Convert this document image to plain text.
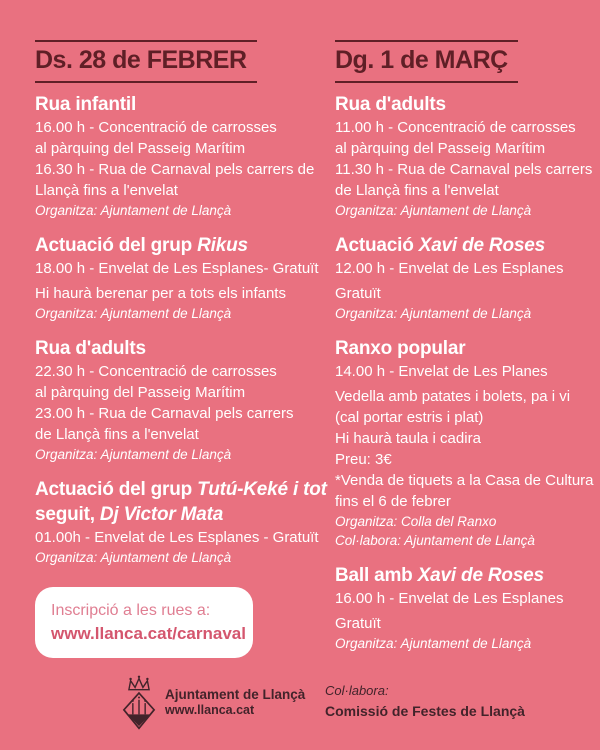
Ds. 28 de FEBRER
Rua infantil
16.00 h - Concentració de carrosses
al pàrquing del Passeig Marítim
16.30 h - Rua de Carnaval pels carrers de
Llançà fins a l'envelat
Organitza: Ajuntament de Llançà
Actuació del grup Rikus
18.00 h - Envelat de Les Esplanes- Gratuït
Hi haurà berenar per a tots els infants
Organitza: Ajuntament de Llançà
Rua d'adults
22.30 h - Concentració de carrosses
al pàrquing del Passeig Marítim
23.00 h - Rua de Carnaval pels carrers
de Llançà fins a l'envelat
Organitza: Ajuntament de Llançà
Actuació del grup Tutú-Keké i tot
seguit, Dj Victor Mata
01.00h - Envelat de Les Esplanes - Gratuït
Organitza: Ajuntament de Llançà
Inscripció a les rues a:
www.llanca.cat/carnaval
Dg. 1 de MARÇ
Rua d'adults
11.00 h - Concentració de carrosses
al pàrquing del Passeig Marítim
11.30 h - Rua de Carnaval pels carrers
de Llançà fins a l'envelat
Organitza: Ajuntament de Llançà
Actuació Xavi de Roses
12.00 h - Envelat de Les Esplanes
Gratuït
Organitza: Ajuntament de Llançà
Ranxo popular
14.00 h - Envelat de Les Planes
Vedella amb patates i bolets, pa i vi
(cal portar estris i plat)
Hi haurà taula i cadira
Preu: 3€
*Venda de tiquets a la Casa de Cultura
fins el 6 de febrer
Organitza: Colla del Ranxo
Col·labora: Ajuntament de Llançà
Ball amb Xavi de Roses
16.00 h - Envelat de Les Esplanes
Gratuït
Organitza: Ajuntament de Llançà
Ajuntament de Llançà
www.llanca.cat
Col·labora:
Comissió de Festes de Llançà
